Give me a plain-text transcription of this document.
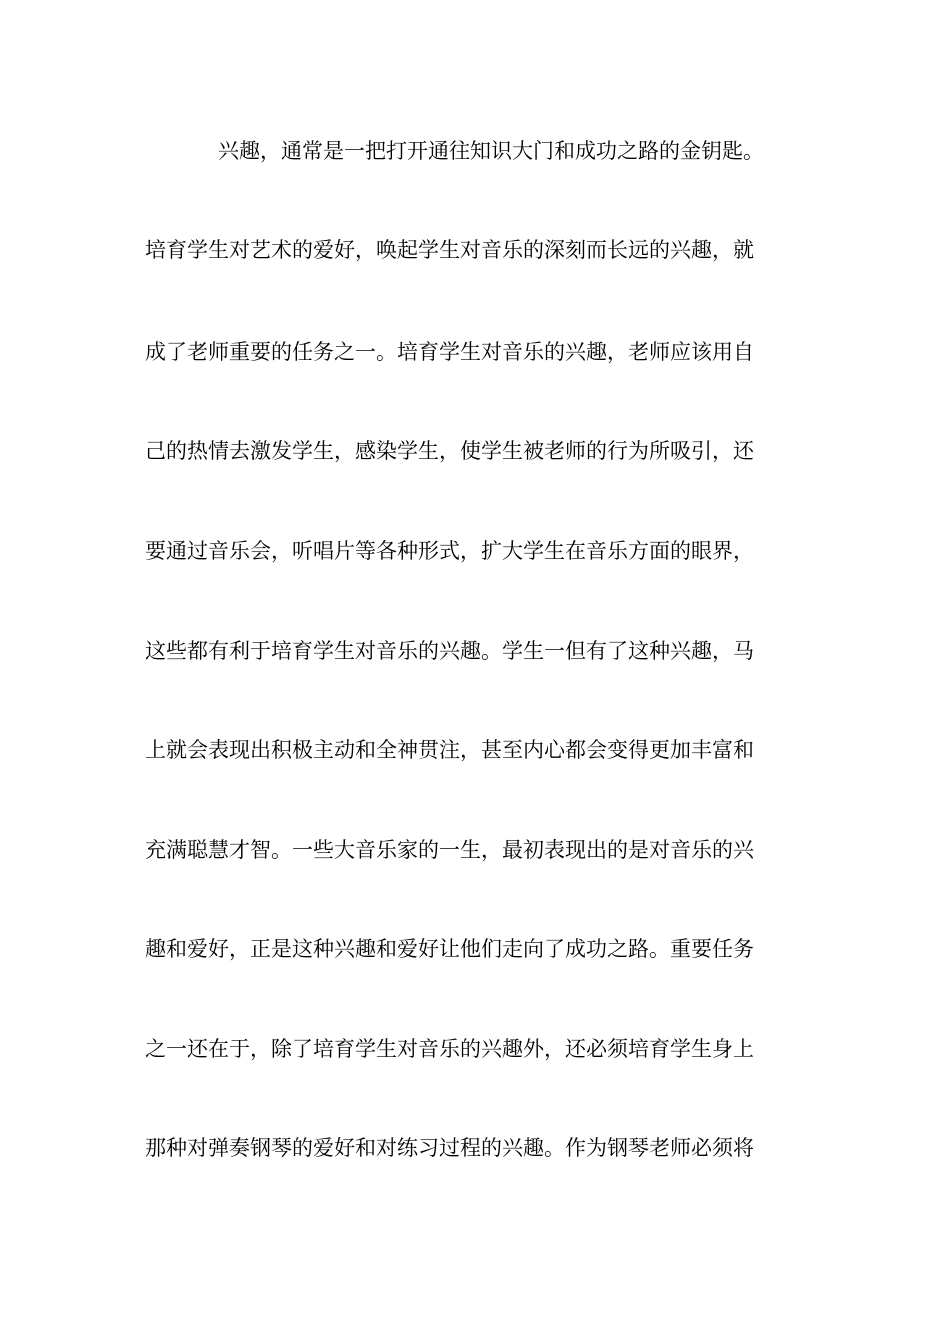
兴趣，通常是一把打开通往知识大门和成功之路的金钥匙。

培育学生对艺术的爱好，唤起学生对音乐的深刻而长远的兴趣，就

成了老师重要的任务之一。培育学生对音乐的兴趣，老师应该用自

己的热情去激发学生，感染学生，使学生被老师的行为所吸引，还

要通过音乐会，听唱片等各种形式，扩大学生在音乐方面的眼界，

这些都有利于培育学生对音乐的兴趣。学生一但有了这种兴趣，马

上就会表现出积极主动和全神贯注，甚至内心都会变得更加丰富和

充满聪慧才智。一些大音乐家的一生，最初表现出的是对音乐的兴

趣和爱好，正是这种兴趣和爱好让他们走向了成功之路。重要任务

之一还在于，除了培育学生对音乐的兴趣外，还必须培育学生身上

那种对弹奏钢琴的爱好和对练习过程的兴趣。作为钢琴老师必须将
